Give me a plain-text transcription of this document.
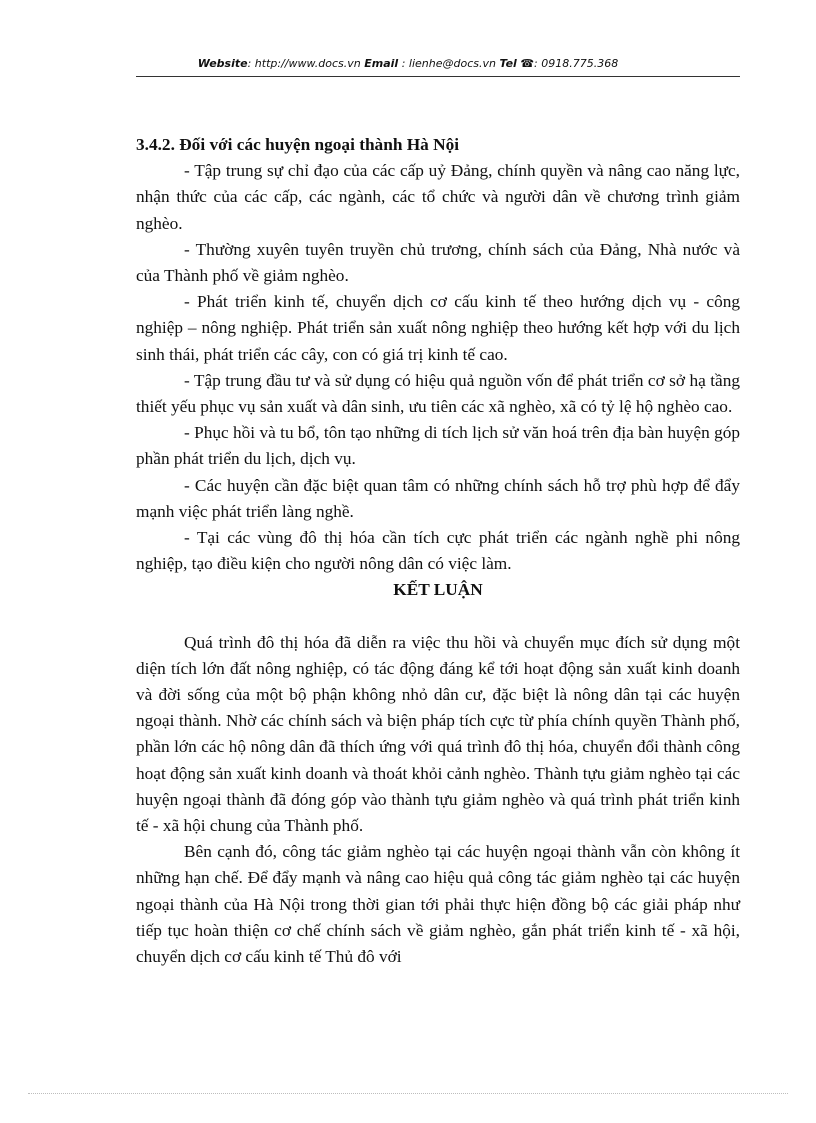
Website: http://www.docs.vn Email : lienhe@docs.vn Tel ☎: 0918.775.368

3.4.2. Đối với các huyện ngoại thành Hà Nội

- Tập trung sự chỉ đạo của các cấp uỷ Đảng, chính quyền và nâng cao năng lực, nhận thức của các cấp, các ngành, các tổ chức và người dân về chương trình giảm nghèo.

- Thường xuyên tuyên truyền chủ trương, chính sách của Đảng, Nhà nước và của Thành phố về giảm nghèo.

- Phát triển kinh tế, chuyển dịch cơ cấu kinh tế theo hướng dịch vụ - công nghiệp – nông nghiệp. Phát triển sản xuất nông nghiệp theo hướng kết hợp với du lịch sinh thái, phát triển các cây, con có giá trị kinh tế cao.

- Tập trung đầu tư và sử dụng có hiệu quả nguồn vốn để phát triển cơ sở hạ tầng thiết yếu phục vụ sản xuất và dân sinh, ưu tiên các xã nghèo, xã có tỷ lệ hộ nghèo cao.

- Phục hồi và tu bổ, tôn tạo những di tích lịch sử văn hoá trên địa bàn huyện góp phần phát triển du lịch, dịch vụ.

- Các huyện cần đặc biệt quan tâm có những chính sách hỗ trợ phù hợp để đẩy mạnh việc phát triển làng nghề.

- Tại các vùng đô thị hóa cần tích cực phát triển các ngành nghề phi nông nghiệp, tạo điều kiện cho người nông dân có việc làm.

KẾT LUẬN

Quá trình đô thị hóa đã diễn ra việc thu hồi và chuyển mục đích sử dụng một diện tích lớn đất nông nghiệp, có tác động đáng kể tới hoạt động sản xuất kinh doanh và đời sống của một bộ phận không nhỏ dân cư, đặc biệt là nông dân tại các huyện ngoại thành. Nhờ các chính sách và biện pháp tích cực từ phía chính quyền Thành phố, phần lớn các hộ nông dân đã thích ứng với quá trình đô thị hóa, chuyển đổi thành công hoạt động sản xuất kinh doanh và thoát khỏi cảnh nghèo. Thành tựu giảm nghèo tại các huyện ngoại thành đã đóng góp vào thành tựu giảm nghèo và quá trình phát triển kinh tế - xã hội chung của Thành phố.

Bên cạnh đó, công tác giảm nghèo tại các huyện ngoại thành vẫn còn không ít những hạn chế. Để đẩy mạnh và nâng cao hiệu quả công tác giảm nghèo tại các huyện ngoại thành của Hà Nội trong thời gian tới phải thực hiện đồng bộ các giải pháp như tiếp tục hoàn thiện cơ chế chính sách về giảm nghèo, gắn phát triển kinh tế - xã hội, chuyển dịch cơ cấu kinh tế Thủ đô với
